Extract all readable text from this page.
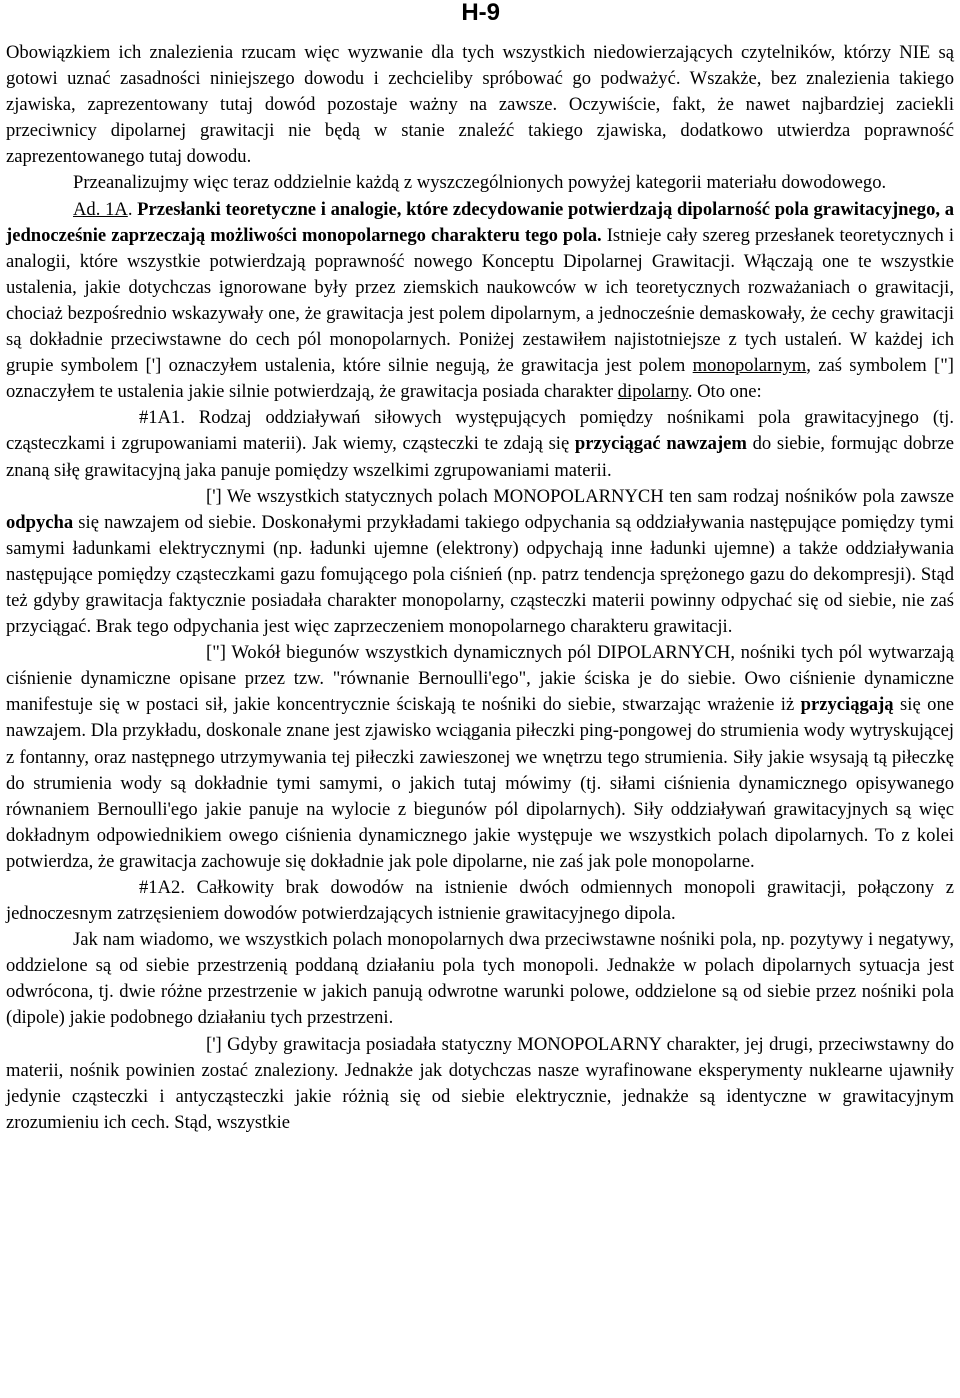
H-9

Obowiązkiem ich znalezienia rzucam więc wyzwanie dla tych wszystkich niedowierzających czytelników, którzy NIE są gotowi uznać zasadności niniejszego dowodu i zechcieliby spróbować go podważyć. Wszakże, bez znalezienia takiego zjawiska, zaprezentowany tutaj dowód pozostaje ważny na zawsze. Oczywiście, fakt, że nawet najbardziej zaciekli przeciwnicy dipolarnej grawitacji nie będą w stanie znaleźć takiego zjawiska, dodatkowo utwierdza poprawność zaprezentowanego tutaj dowodu.

Przeanalizujmy więc teraz oddzielnie każdą z wyszczególnionych powyżej kategorii materiału dowodowego.

Ad. 1A. Przesłanki teoretyczne i analogie, które zdecydowanie potwierdzają dipolarność pola grawitacyjnego, a jednocześnie zaprzeczają możliwości monopolarnego charakteru tego pola. Istnieje cały szereg przesłanek teoretycznych i analogii, które wszystkie potwierdzają poprawność nowego Konceptu Dipolarnej Grawitacji. Włączają one te wszystkie ustalenia, jakie dotychczas ignorowane były przez ziemskich naukowców w ich teoretycznych rozważaniach o grawitacji, chociaż bezpośrednio wskazywały one, że grawitacja jest polem dipolarnym, a jednocześnie demaskowały, że cechy grawitacji są dokładnie przeciwstawne do cech pól monopolarnych. Poniżej zestawiłem najistotniejsze z tych ustaleń. W każdej ich grupie symbolem ['] oznaczyłem ustalenia, które silnie negują, że grawitacja jest polem monopolarnym, zaś symbolem ["] oznaczyłem te ustalenia jakie silnie potwierdzają, że grawitacja posiada charakter dipolarny. Oto one:

#1A1. Rodzaj oddziaływań siłowych występujących pomiędzy nośnikami pola grawitacyjnego (tj. cząsteczkami i zgrupowaniami materii). Jak wiemy, cząsteczki te zdają się przyciągać nawzajem do siebie, formując dobrze znaną siłę grawitacyjną jaka panuje pomiędzy wszelkimi zgrupowaniami materii.

['] We wszystkich statycznych polach MONOPOLARNYCH ten sam rodzaj nośników pola zawsze odpycha się nawzajem od siebie. Doskonałymi przykładami takiego odpychania są oddziaływania następujące pomiędzy tymi samymi ładunkami elektrycznymi (np. ładunki ujemne (elektrony) odpychają inne ładunki ujemne) a także oddziaływania następujące pomiędzy cząsteczkami gazu fomującego pola ciśnień (np. patrz tendencja sprężonego gazu do dekompresji). Stąd też gdyby grawitacja faktycznie posiadała charakter monopolarny, cząsteczki materii powinny odpychać się od siebie, nie zaś przyciągać. Brak tego odpychania jest więc zaprzeczeniem monopolarnego charakteru grawitacji.

["] Wokół biegunów wszystkich dynamicznych pól DIPOLARNYCH, nośniki tych pól wytwarzają ciśnienie dynamiczne opisane przez tzw. "równanie Bernoulli'ego", jakie ściska je do siebie. Owo ciśnienie dynamiczne manifestuje się w postaci sił, jakie koncentrycznie ściskają te nośniki do siebie, stwarzając wrażenie iż przyciągają się one nawzajem. Dla przykładu, doskonale znane jest zjawisko wciągania piłeczki ping-pongowej do strumienia wody wytryskującej z fontanny, oraz następnego utrzymywania tej piłeczki zawieszonej we wnętrzu tego strumienia. Siły jakie wsysają tą piłeczkę do strumienia wody są dokładnie tymi samymi, o jakich tutaj mówimy (tj. siłami ciśnienia dynamicznego opisywanego równaniem Bernoulli'ego jakie panuje na wylocie z biegunów pól dipolarnych). Siły oddziaływań grawitacyjnych są więc dokładnym odpowiednikiem owego ciśnienia dynamicznego jakie występuje we wszystkich polach dipolarnych. To z kolei potwierdza, że grawitacja zachowuje się dokładnie jak pole dipolarne, nie zaś jak pole monopolarne.

#1A2. Całkowity brak dowodów na istnienie dwóch odmiennych monopoli grawitacji, połączony z jednoczesnym zatrzęsieniem dowodów potwierdzających istnienie grawitacyjnego dipola.

Jak nam wiadomo, we wszystkich polach monopolarnych dwa przeciwstawne nośniki pola, np. pozytywy i negatywy, oddzielone są od siebie przestrzenią poddaną działaniu pola tych monopoli. Jednakże w polach dipolarnych sytuacja jest odwrócona, tj. dwie różne przestrzenie w jakich panują odwrotne warunki polowe, oddzielone są od siebie przez nośniki pola (dipole) jakie podobnego działaniu tych przestrzeni.

['] Gdyby grawitacja posiadała statyczny MONOPOLARNY charakter, jej drugi, przeciwstawny do materii, nośnik powinien zostać znaleziony. Jednakże jak dotychczas nasze wyrafinowane eksperymenty nuklearne ujawniły jedynie cząsteczki i antycząsteczki jakie różnią się od siebie elektrycznie, jednakże są identyczne w grawitacyjnym zrozumieniu ich cech. Stąd, wszystkie
